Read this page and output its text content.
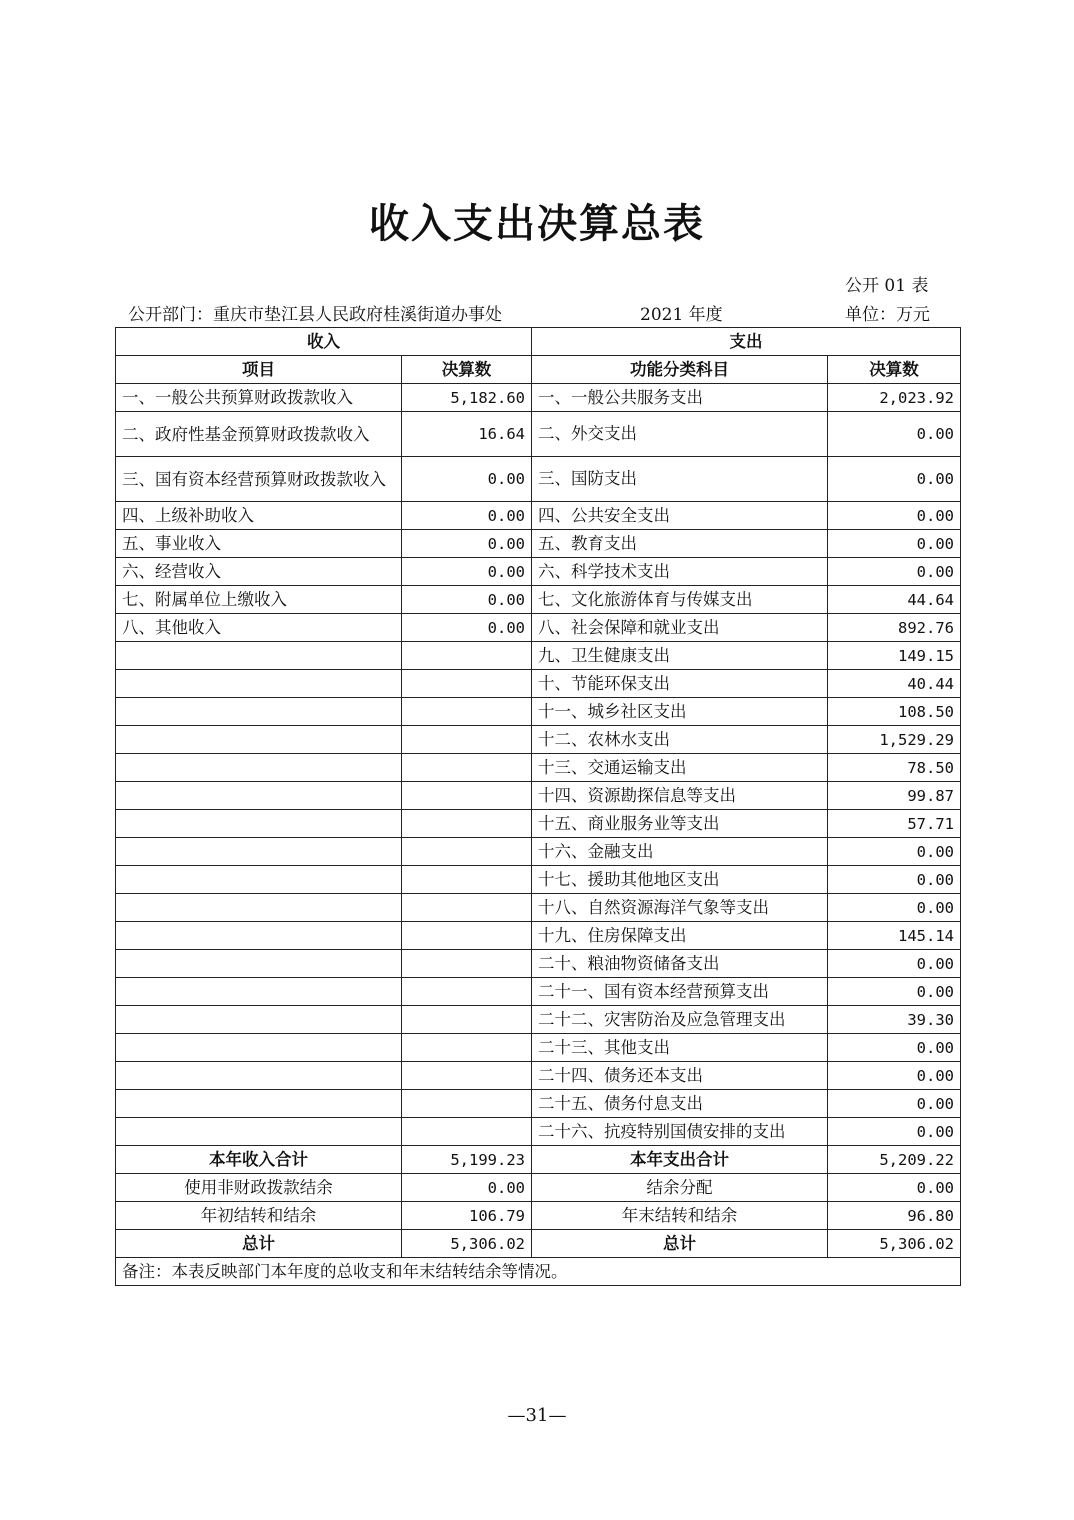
收入支出决算总表
公开 01 表
公开部门：重庆市垫江县人民政府桂溪街道办事处	2021 年度	单位：万元
收入		支出	
项目	决算数	功能分类科目	决算数
一、一般公共预算财政拨款收入	5,182.60	一、一般公共服务支出	2,023.92
二、政府性基金预算财政拨款收入	16.64	二、外交支出	0.00
三、国有资本经营预算财政拨款收入	0.00	三、国防支出	0.00
四、上级补助收入	0.00	四、公共安全支出	0.00
五、事业收入	0.00	五、教育支出	0.00
六、经营收入	0.00	六、科学技术支出	0.00
七、附属单位上缴收入	0.00	七、文化旅游体育与传媒支出	44.64
八、其他收入	0.00	八、社会保障和就业支出	892.76
		九、卫生健康支出	149.15
		十、节能环保支出	40.44
		十一、城乡社区支出	108.50
		十二、农林水支出	1,529.29
		十三、交通运输支出	78.50
		十四、资源勘探信息等支出	99.87
		十五、商业服务业等支出	57.71
		十六、金融支出	0.00
		十七、援助其他地区支出	0.00
		十八、自然资源海洋气象等支出	0.00
		十九、住房保障支出	145.14
		二十、粮油物资储备支出	0.00
		二十一、国有资本经营预算支出	0.00
		二十二、灾害防治及应急管理支出	39.30
		二十三、其他支出	0.00
		二十四、债务还本支出	0.00
		二十五、债务付息支出	0.00
		二十六、抗疫特别国债安排的支出	0.00
本年收入合计	5,199.23	本年支出合计	5,209.22
使用非财政拨款结余	0.00	结余分配	0.00
年初结转和结余	106.79	年末结转和结余	96.80
总计	5,306.02	总计	5,306.02
备注：本表反映部门本年度的总收支和年末结转结余等情况。			
—31—
